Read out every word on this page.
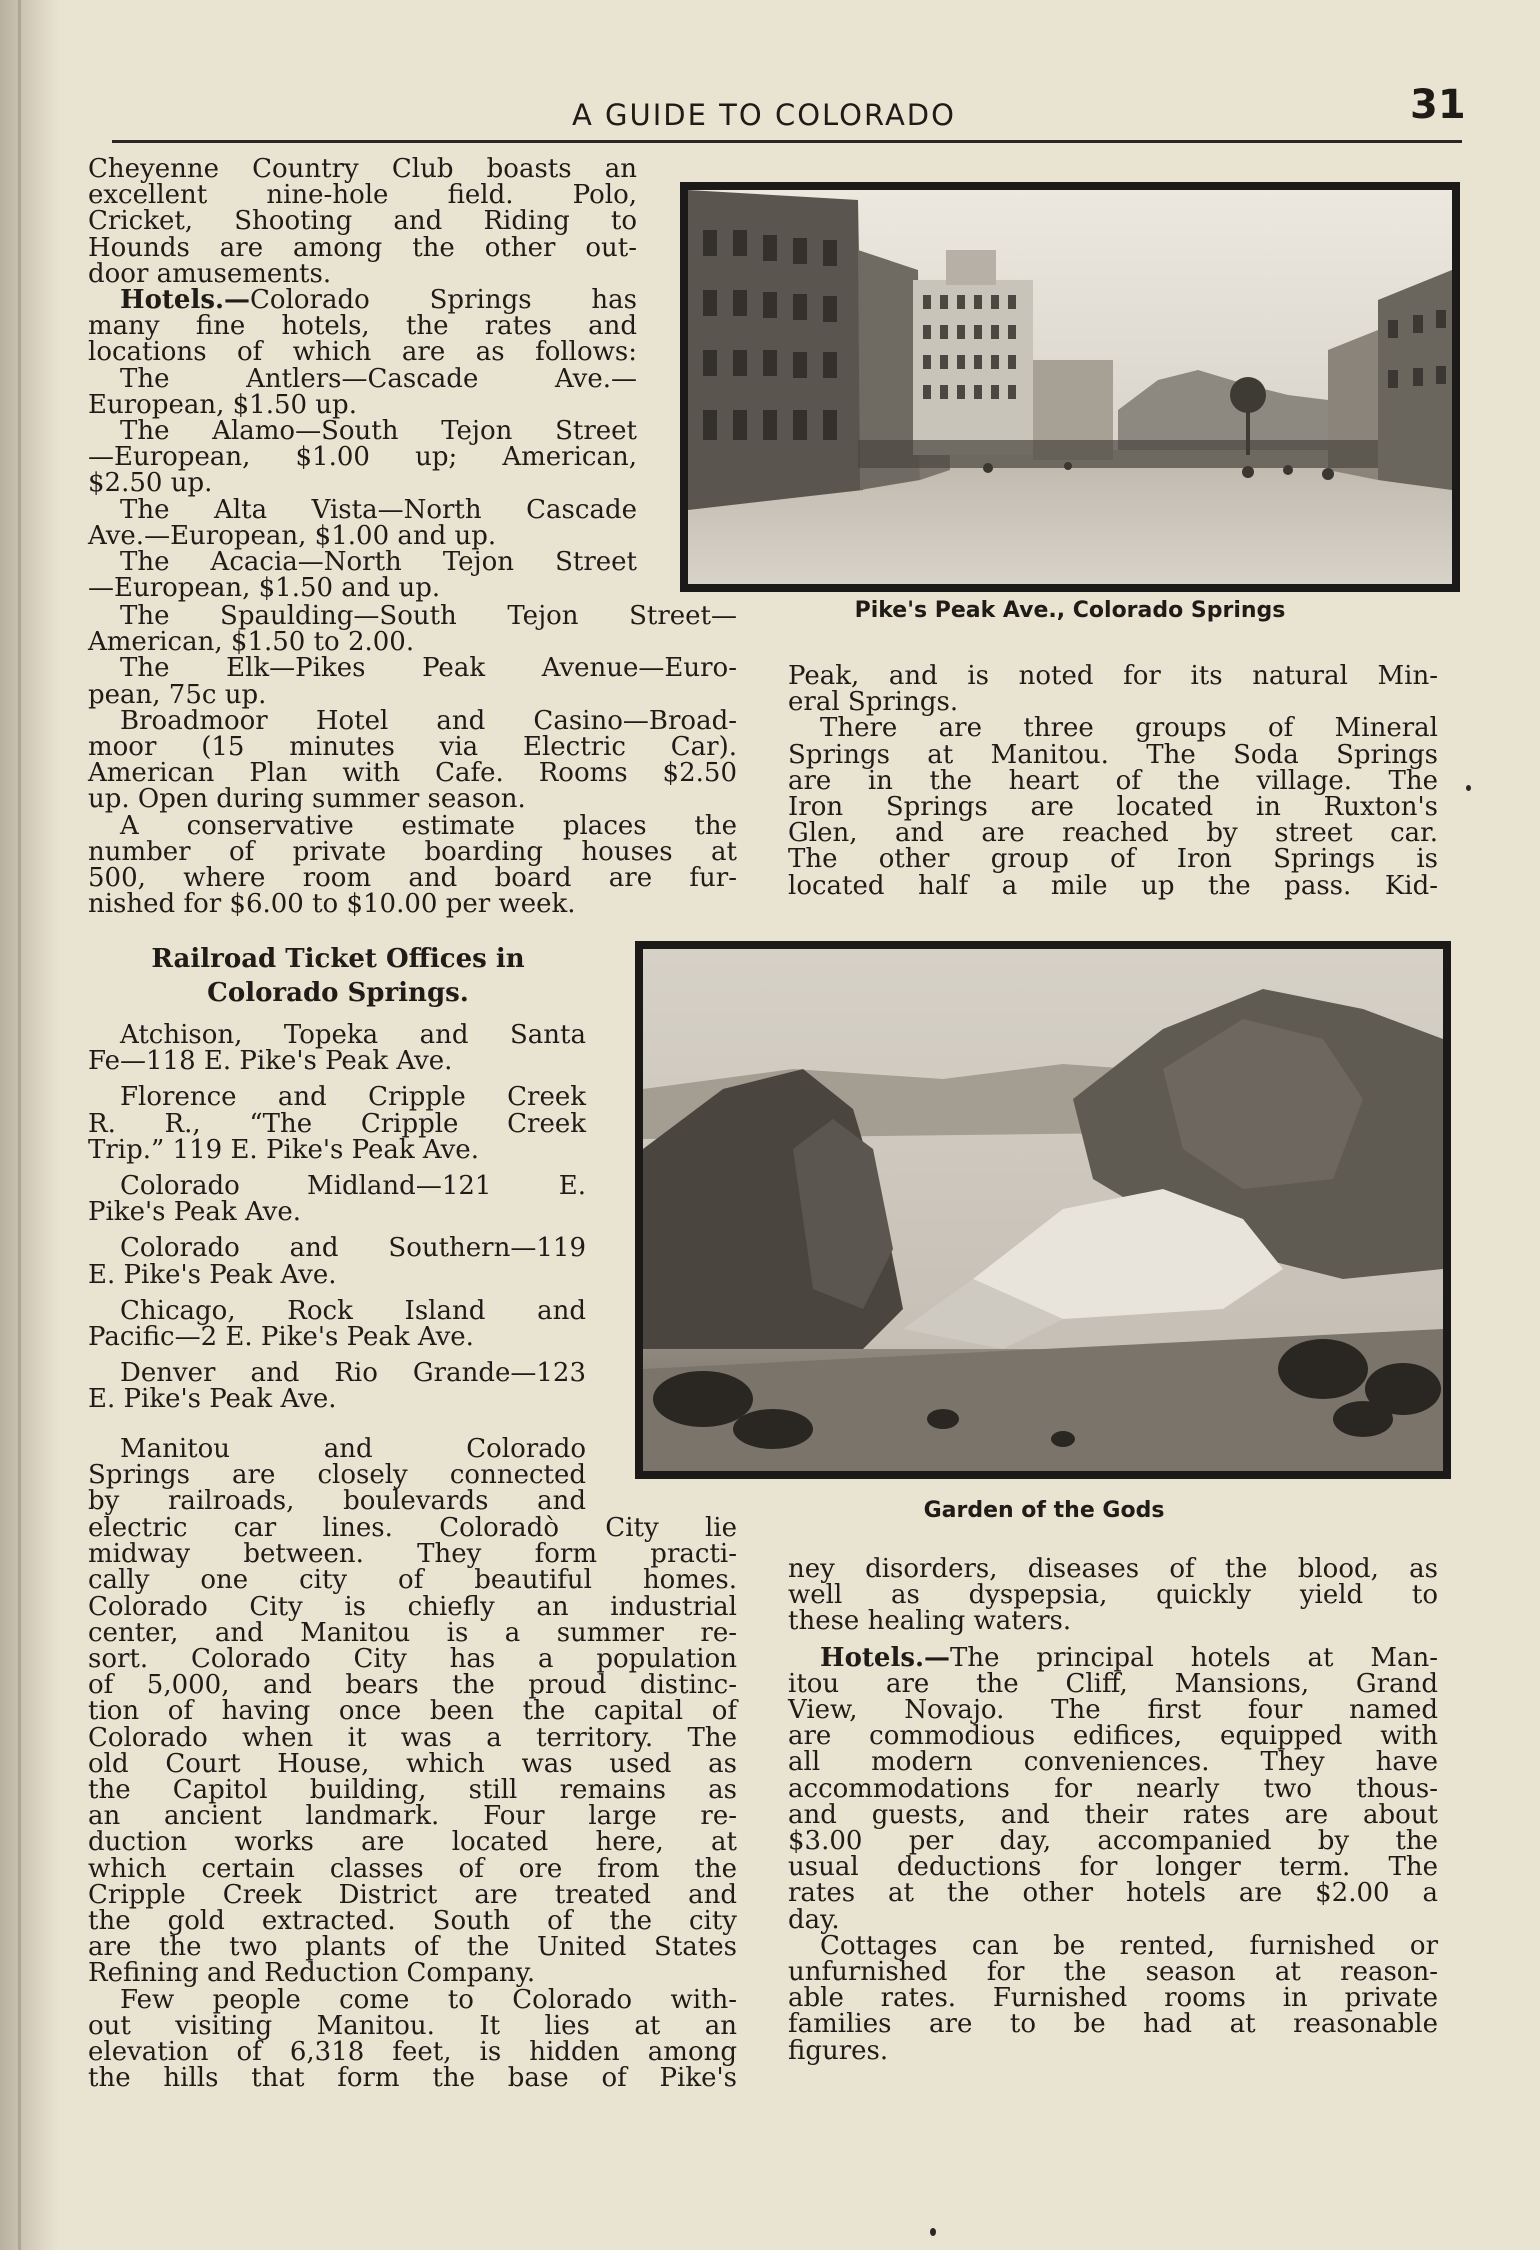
A GUIDE TO COLORADO	31

Cheyenne Country Club boasts an

excellent nine-hole field. Polo,

Cricket, Shooting and Riding to

Hounds are among the other out-

door amusements.

Hotels.—Colorado Springs has

many fine hotels, the rates and

locations of which are as follows:

The Antlers—Cascade Ave.—

European, $1.50 up.

The Alamo—South Tejon Street

—European, $1.00 up; American,

$2.50 up.

The Alta Vista—North Cascade

Ave.—European, $1.00 and up.

The Acacia—North Tejon Street

—European, $1.50 and up.

The Spaulding—South Tejon Street—

American, $1.50 to 2.00.

The Elk—Pikes Peak Avenue—Euro-

pean, 75c up.

Broadmoor Hotel and Casino—Broad-

moor (15 minutes via Electric Car).

American Plan with Cafe. Rooms $2.50

up. Open during summer season.

A conservative estimate places the

number of private boarding houses at

500, where room and board are fur-

nished for $6.00 to $10.00 per week.

Railroad Ticket Offices in
Colorado Springs.

Atchison, Topeka and Santa

Fe—118 E. Pike's Peak Ave.

Florence and Cripple Creek

R. R., “The Cripple Creek

Trip.” 119 E. Pike's Peak Ave.

Colorado Midland—121 E.

Pike's Peak Ave.

Colorado and Southern—119

E. Pike's Peak Ave.

Chicago, Rock Island and

Pacific—2 E. Pike's Peak Ave.

Denver and Rio Grande—123

E. Pike's Peak Ave.

Manitou and Colorado

Springs are closely connected

by railroads, boulevards and

electric car lines. Coloradò City lie

midway between. They form practi-

cally one city of beautiful homes.

Colorado City is chiefly an industrial

center, and Manitou is a summer re-

sort. Colorado City has a population

of 5,000, and bears the proud distinc-

tion of having once been the capital of

Colorado when it was a territory. The

old Court House, which was used as

the Capitol building, still remains as

an ancient landmark. Four large re-

duction works are located here, at

which certain classes of ore from the

Cripple Creek District are treated and

the gold extracted. South of the city

are the two plants of the United States

Refining and Reduction Company.

Few people come to Colorado with-

out visiting Manitou. It lies at an

elevation of 6,318 feet, is hidden among

the hills that form the base of Pike's

Peak, and is noted for its natural Min-

eral Springs.

There are three groups of Mineral

Springs at Manitou. The Soda Springs

are in the heart of the village. The

Iron Springs are located in Ruxton's

Glen, and are reached by street car.

The other group of Iron Springs is

located half a mile up the pass. Kid-

ney disorders, diseases of the blood, as

well as dyspepsia, quickly yield to

these healing waters.

Hotels.—The principal hotels at Man-

itou are the Cliff, Mansions, Grand

View, Novajo. The first four named

are commodious edifices, equipped with

all modern conveniences. They have

accommodations for nearly two thous-

and guests, and their rates are about

$3.00 per day, accompanied by the

usual deductions for longer term. The

rates at the other hotels are $2.00 a

day.

Cottages can be rented, furnished or

unfurnished for the season at reason-

able rates. Furnished rooms in private

families are to be had at reasonable

figures.

Pike's Peak Ave., Colorado Springs
Garden of the Gods
